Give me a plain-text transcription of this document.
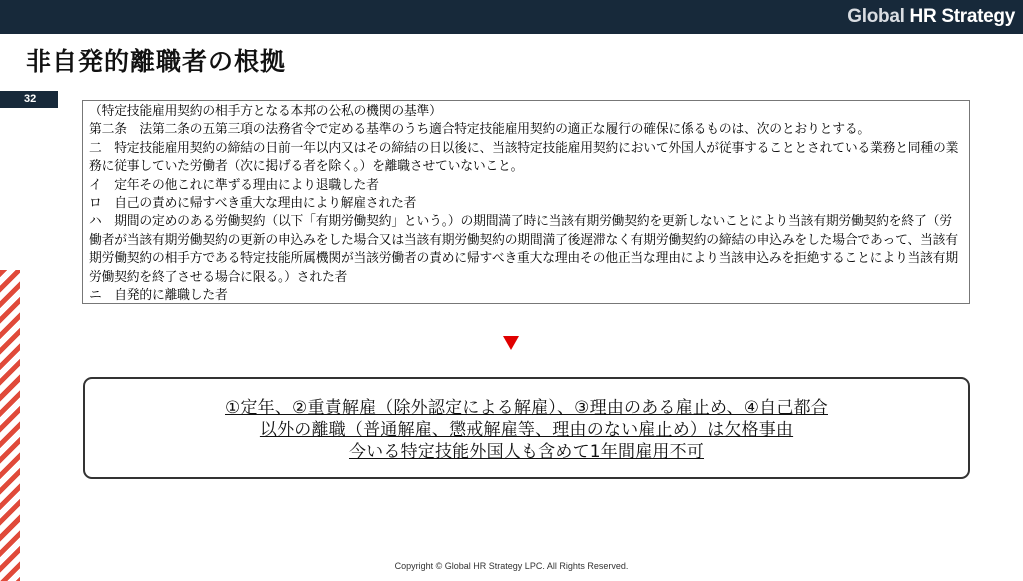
Global HR Strategy
非自発的離職者の根拠
32

（特定技能雇用契約の相手方となる本邦の公私の機関の基準）

第二条　法第二条の五第三項の法務省令で定める基準のうち適合特定技能雇用契約の適正な履行の確保に係るものは、次のとおりとする。

二　特定技能雇用契約の締結の日前一年以内又はその締結の日以後に、当該特定技能雇用契約において外国人が従事することとされている業務と同種の業務に従事していた労働者（次に掲げる者を除く。）を離職させていないこと。

イ　定年その他これに準ずる理由により退職した者

ロ　自己の責めに帰すべき重大な理由により解雇された者

ハ　期間の定めのある労働契約（以下「有期労働契約」という。）の期間満了時に当該有期労働契約を更新しないことにより当該有期労働契約を終了（労働者が当該有期労働契約の更新の申込みをした場合又は当該有期労働契約の期間満了後遅滞なく有期労働契約の締結の申込みをした場合であって、当該有期労働契約の相手方である特定技能所属機関が当該労働者の責めに帰すべき重大な理由その他正当な理由により当該申込みを拒絶することにより当該有期労働契約を終了させる場合に限る。）された者

ニ　自発的に離職した者

①定年、②重責解雇（除外認定による解雇）、③理由のある雇止め、④自己都合

以外の離職（普通解雇、懲戒解雇等、理由のない雇止め）は欠格事由

今いる特定技能外国人も含めて1年間雇用不可

Copyright © Global HR Strategy LPC. All Rights Reserved.
